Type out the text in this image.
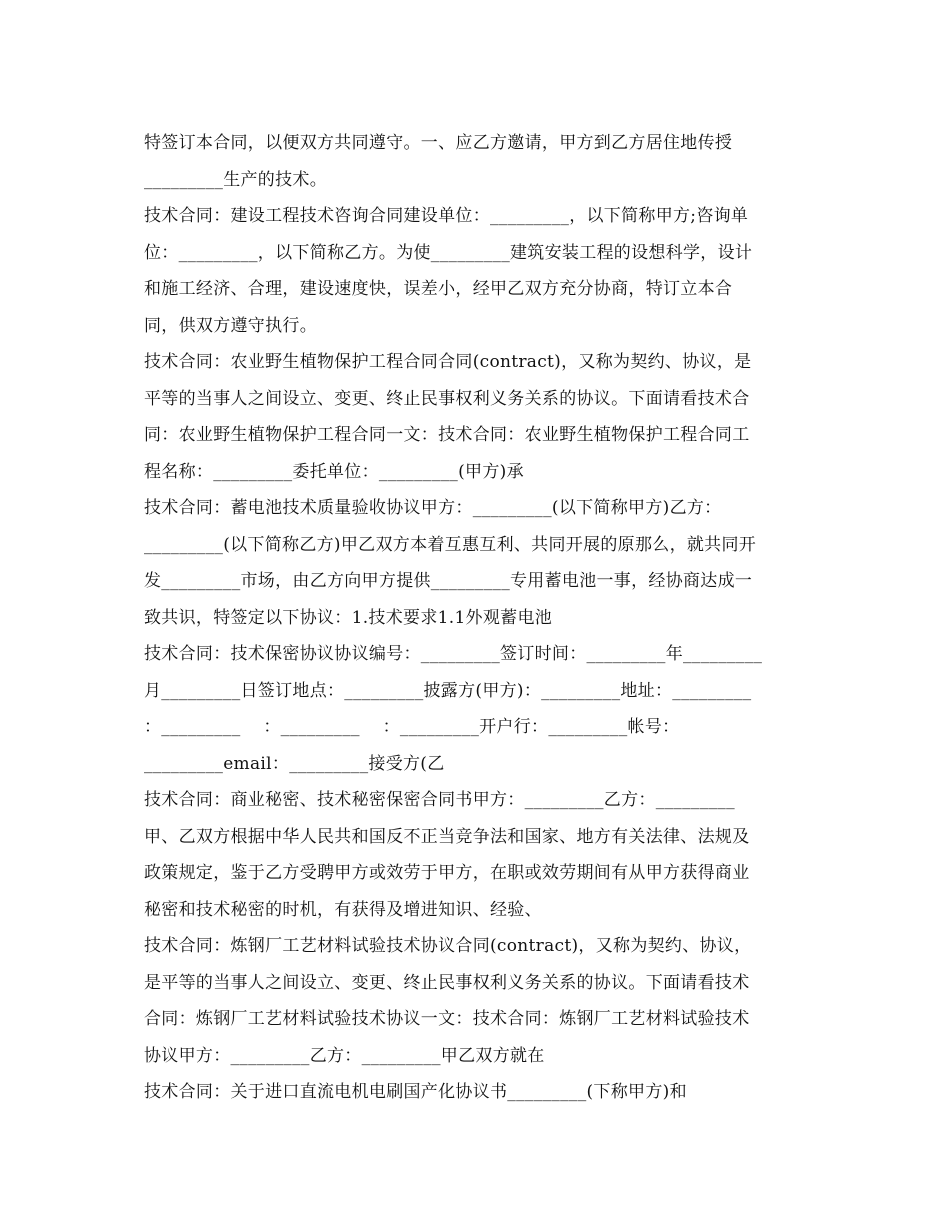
特签订本合同，以便双方共同遵守。一、应乙方邀请，甲方到乙方居住地传授
_________生产的技术。
技术合同：建设工程技术咨询合同建设单位：_________，以下简称甲方;咨询单
位：_________，以下简称乙方。为使_________建筑安装工程的设想科学，设计
和施工经济、合理，建设速度快，误差小，经甲乙双方充分协商，特订立本合
同，供双方遵守执行。
技术合同：农业野生植物保护工程合同合同(contract)，又称为契约、协议，是
平等的当事人之间设立、变更、终止民事权利义务关系的协议。下面请看技术合
同：农业野生植物保护工程合同一文：技术合同：农业野生植物保护工程合同工
程名称：_________委托单位：_________(甲方)承
技术合同：蓄电池技术质量验收协议甲方：_________(以下简称甲方)乙方：
_________(以下简称乙方)甲乙双方本着互惠互利、共同开展的原那么，就共同开
发_________市场，由乙方向甲方提供_________专用蓄电池一事，经协商达成一
致共识，特签定以下协议：1.技术要求1.1外观蓄电池
技术合同：技术保密协议协议编号：_________签订时间：_________年_________
月_________日签订地点：_________披露方(甲方)：_________地址：_________
：_________    ：_________    ：_________开户行：_________帐号：
_________email：_________接受方(乙
技术合同：商业秘密、技术秘密保密合同书甲方：_________乙方：_________
甲、乙双方根据中华人民共和国反不正当竞争法和国家、地方有关法律、法规及
政策规定，鉴于乙方受聘甲方或效劳于甲方，在职或效劳期间有从甲方获得商业
秘密和技术秘密的时机，有获得及增进知识、经验、
技术合同：炼钢厂工艺材料试验技术协议合同(contract)，又称为契约、协议，
是平等的当事人之间设立、变更、终止民事权利义务关系的协议。下面请看技术
合同：炼钢厂工艺材料试验技术协议一文：技术合同：炼钢厂工艺材料试验技术
协议甲方：_________乙方：_________甲乙双方就在
技术合同：关于进口直流电机电刷国产化协议书_________(下称甲方)和
